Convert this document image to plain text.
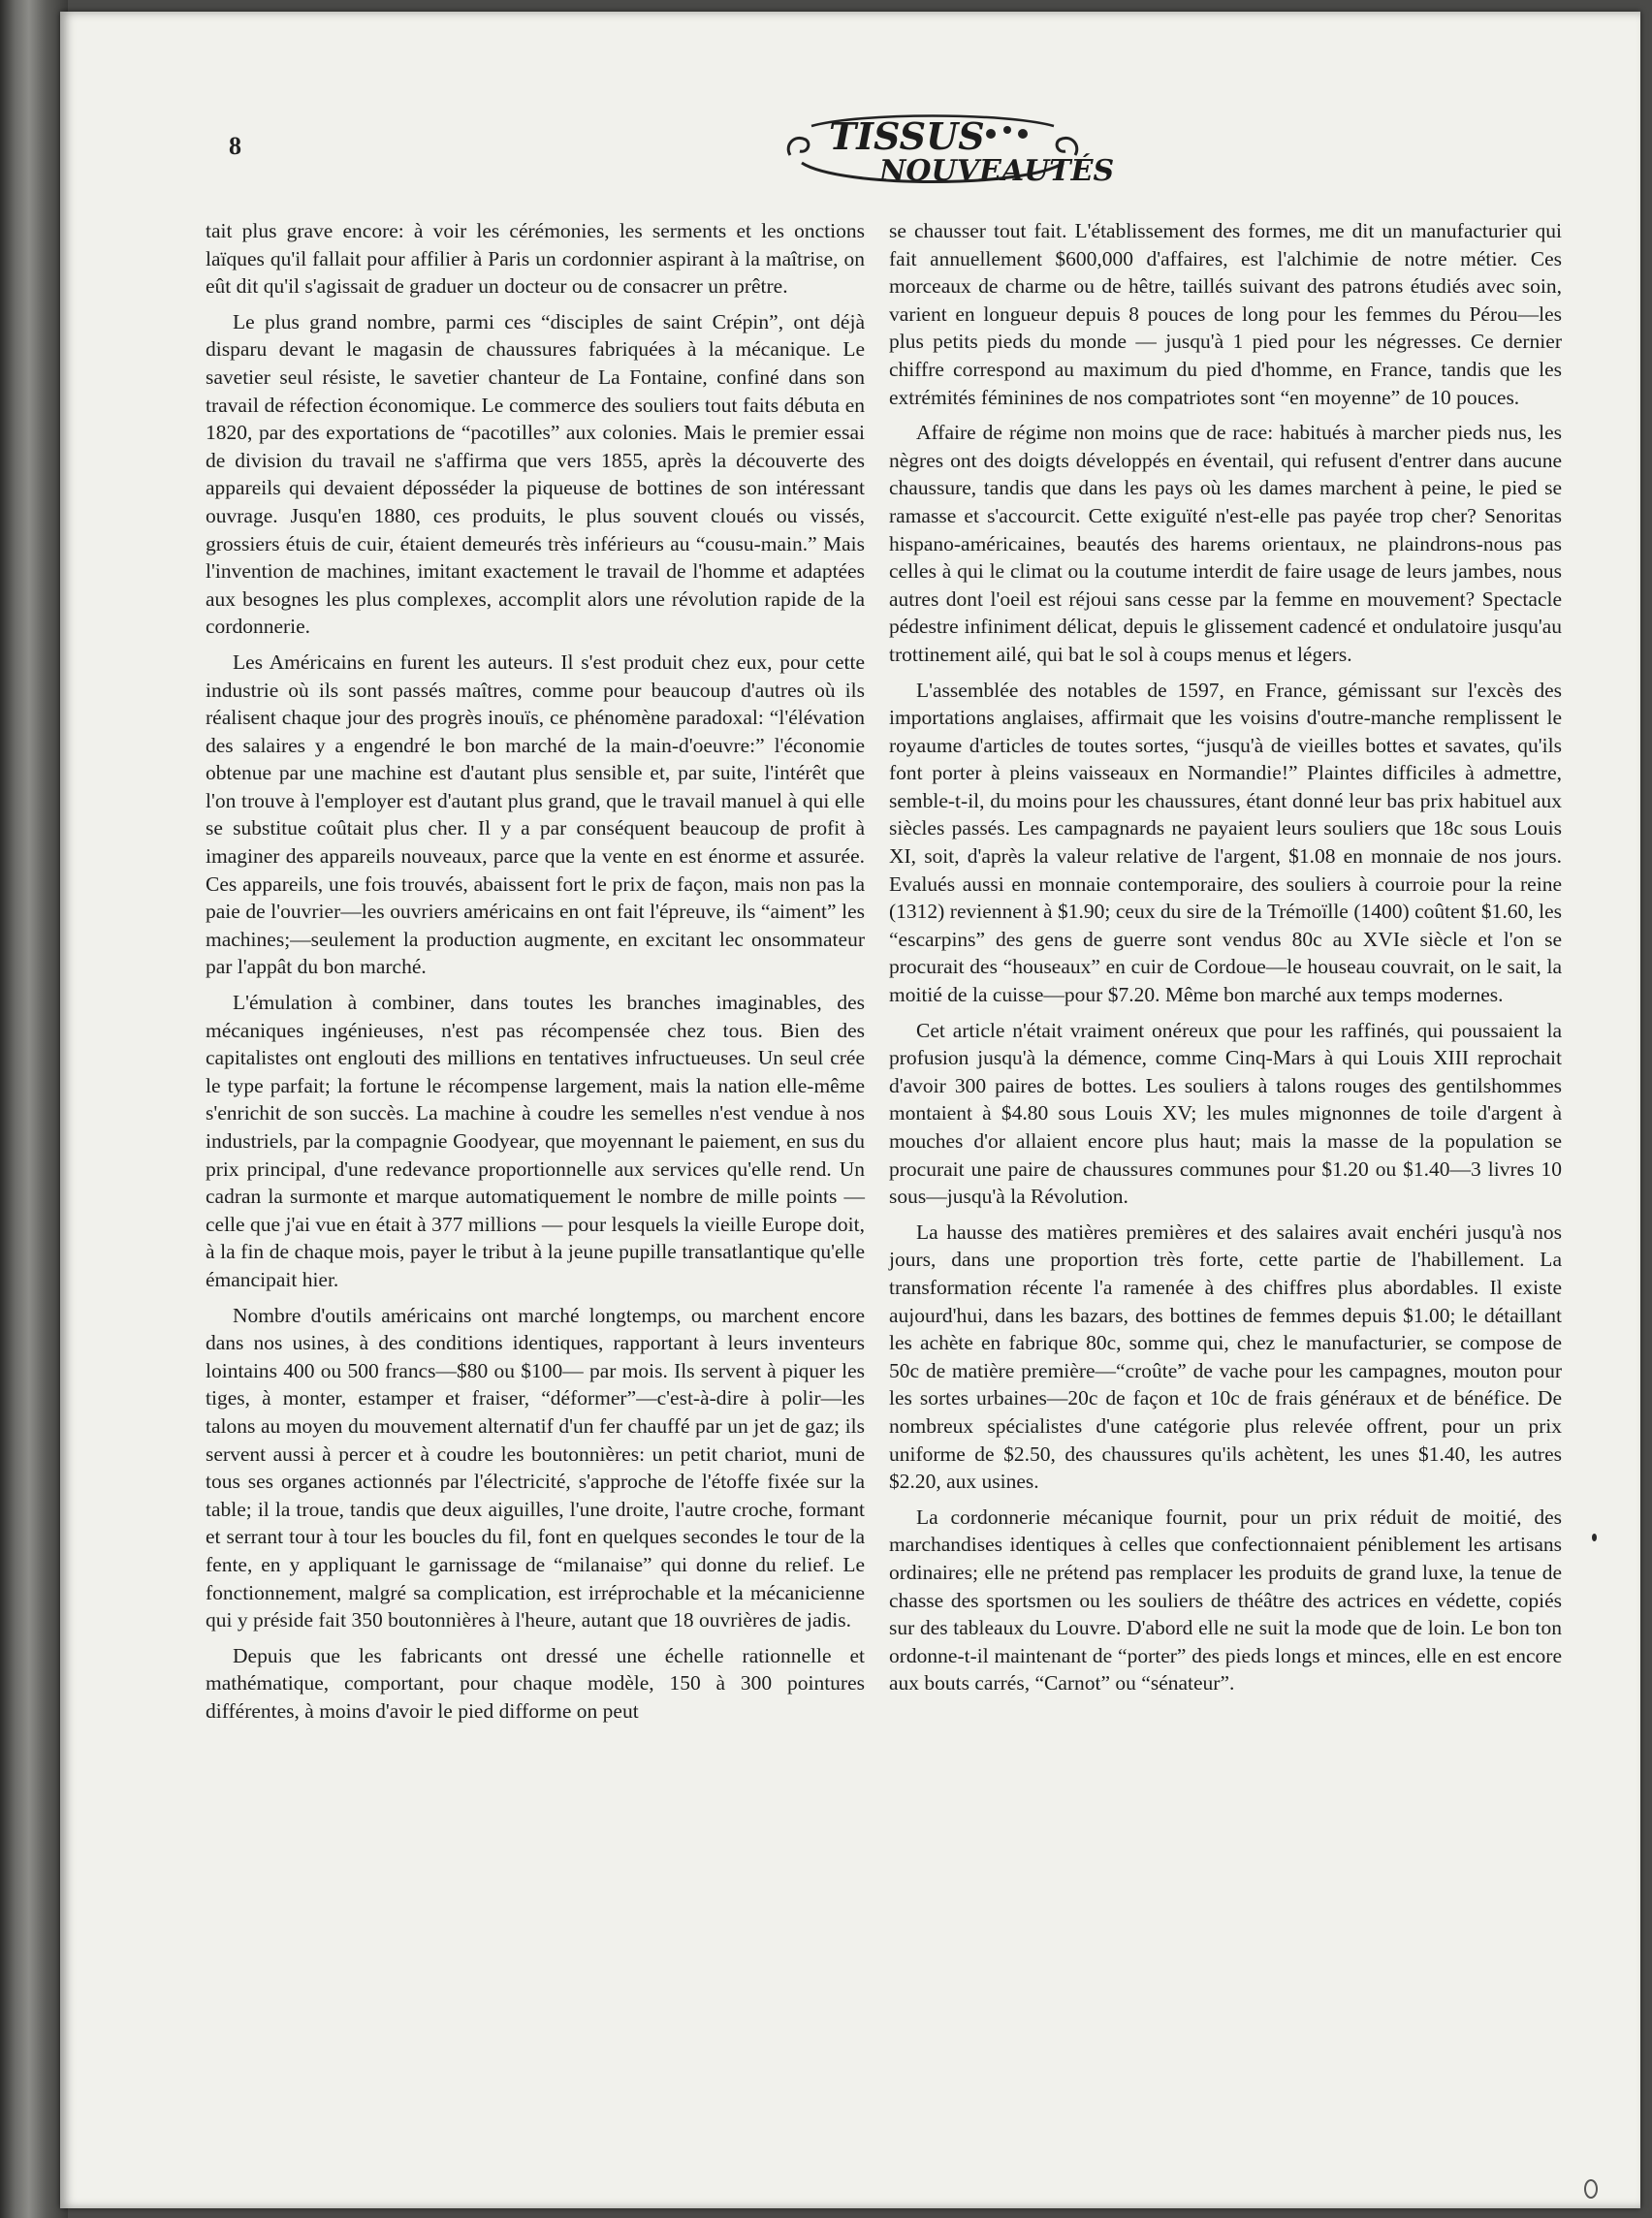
8	TISSUS
NOUVEAUTÉS

tait plus grave encore: à voir les cérémonies, les serments et les onctions laïques qu'il fallait pour affilier à Paris un cordonnier aspirant à la maîtrise, on eût dit qu'il s'agissait de graduer un docteur ou de consacrer un prêtre.

Le plus grand nombre, parmi ces “disciples de saint Crépin”, ont déjà disparu devant le magasin de chaussures fabriquées à la mécanique. Le savetier seul résiste, le savetier chanteur de La Fontaine, confiné dans son travail de réfection économique. Le commerce des souliers tout faits débuta en 1820, par des exportations de “pacotilles” aux colonies. Mais le premier essai de division du travail ne s'affirma que vers 1855, après la découverte des appareils qui devaient déposséder la piqueuse de bottines de son intéressant ouvrage. Jusqu'en 1880, ces produits, le plus souvent cloués ou vissés, grossiers étuis de cuir, étaient demeurés très inférieurs au “cousu-main.” Mais l'invention de machines, imitant exactement le travail de l'homme et adaptées aux besognes les plus complexes, accomplit alors une révolution rapide de la cordonnerie.

Les Américains en furent les auteurs. Il s'est produit chez eux, pour cette industrie où ils sont passés maîtres, comme pour beaucoup d'autres où ils réalisent chaque jour des progrès inouïs, ce phénomène paradoxal: “l'élévation des salaires y a engendré le bon marché de la main-d'oeuvre:” l'économie obtenue par une machine est d'autant plus sensible et, par suite, l'intérêt que l'on trouve à l'employer est d'autant plus grand, que le travail manuel à qui elle se substitue coûtait plus cher. Il y a par conséquent beaucoup de profit à imaginer des appareils nouveaux, parce que la vente en est énorme et assurée. Ces appareils, une fois trouvés, abaissent fort le prix de façon, mais non pas la paie de l'ouvrier—les ouvriers américains en ont fait l'épreuve, ils “aiment” les machines;—seulement la production augmente, en excitant lec onsommateur par l'appât du bon marché.

L'émulation à combiner, dans toutes les branches imaginables, des mécaniques ingénieuses, n'est pas récompensée chez tous. Bien des capitalistes ont englouti des millions en tentatives infructueuses. Un seul crée le type parfait; la fortune le récompense largement, mais la nation elle-même s'enrichit de son succès. La machine à coudre les semelles n'est vendue à nos industriels, par la compagnie Goodyear, que moyennant le paiement, en sus du prix principal, d'une redevance proportionnelle aux services qu'elle rend. Un cadran la surmonte et marque automatiquement le nombre de mille points — celle que j'ai vue en était à 377 millions — pour lesquels la vieille Europe doit, à la fin de chaque mois, payer le tribut à la jeune pupille transatlantique qu'elle émancipait hier.

Nombre d'outils américains ont marché longtemps, ou marchent encore dans nos usines, à des conditions identiques, rapportant à leurs inventeurs lointains 400 ou 500 francs—$80 ou $100— par mois. Ils servent à piquer les tiges, à monter, estamper et fraiser, “déformer”—c'est-à-dire à polir—les talons au moyen du mouvement alternatif d'un fer chauffé par un jet de gaz; ils servent aussi à percer et à coudre les boutonnières: un petit chariot, muni de tous ses organes actionnés par l'électricité, s'approche de l'étoffe fixée sur la table; il la troue, tandis que deux aiguilles, l'une droite, l'autre croche, formant et serrant tour à tour les boucles du fil, font en quelques secondes le tour de la fente, en y appliquant le garnissage de “milanaise” qui donne du relief. Le fonctionnement, malgré sa complication, est irréprochable et la mécanicienne qui y préside fait 350 boutonnières à l'heure, autant que 18 ouvrières de jadis.

Depuis que les fabricants ont dressé une échelle rationnelle et mathématique, comportant, pour chaque modèle, 150 à 300 pointures différentes, à moins d'avoir le pied difforme on peut

se chausser tout fait. L'établissement des formes, me dit un manufacturier qui fait annuellement $600,000 d'affaires, est l'alchimie de notre métier. Ces morceaux de charme ou de hêtre, taillés suivant des patrons étudiés avec soin, varient en longueur depuis 8 pouces de long pour les femmes du Pérou—les plus petits pieds du monde — jusqu'à 1 pied pour les négresses. Ce dernier chiffre correspond au maximum du pied d'homme, en France, tandis que les extrémités féminines de nos compatriotes sont “en moyenne” de 10 pouces.

Affaire de régime non moins que de race: habitués à marcher pieds nus, les nègres ont des doigts développés en éventail, qui refusent d'entrer dans aucune chaussure, tandis que dans les pays où les dames marchent à peine, le pied se ramasse et s'accourcit. Cette exiguïté n'est-elle pas payée trop cher? Senoritas hispano-américaines, beautés des harems orientaux, ne plaindrons-nous pas celles à qui le climat ou la coutume interdit de faire usage de leurs jambes, nous autres dont l'oeil est réjoui sans cesse par la femme en mouvement? Spectacle pédestre infiniment délicat, depuis le glissement cadencé et ondulatoire jusqu'au trottinement ailé, qui bat le sol à coups menus et légers.

L'assemblée des notables de 1597, en France, gémissant sur l'excès des importations anglaises, affirmait que les voisins d'outre-manche remplissent le royaume d'articles de toutes sortes, “jusqu'à de vieilles bottes et savates, qu'ils font porter à pleins vaisseaux en Normandie!” Plaintes difficiles à admettre, semble-t-il, du moins pour les chaussures, étant donné leur bas prix habituel aux siècles passés. Les campagnards ne payaient leurs souliers que 18c sous Louis XI, soit, d'après la valeur relative de l'argent, $1.08 en monnaie de nos jours. Evalués aussi en monnaie contemporaire, des souliers à courroie pour la reine (1312) reviennent à $1.90; ceux du sire de la Trémoïlle (1400) coûtent $1.60, les “escarpins” des gens de guerre sont vendus 80c au XVIe siècle et l'on se procurait des “houseaux” en cuir de Cordoue—le houseau couvrait, on le sait, la moitié de la cuisse—pour $7.20. Même bon marché aux temps modernes.

Cet article n'était vraiment onéreux que pour les raffinés, qui poussaient la profusion jusqu'à la démence, comme Cinq-Mars à qui Louis XIII reprochait d'avoir 300 paires de bottes. Les souliers à talons rouges des gentilshommes montaient à $4.80 sous Louis XV; les mules mignonnes de toile d'argent à mouches d'or allaient encore plus haut; mais la masse de la population se procurait une paire de chaussures communes pour $1.20 ou $1.40—3 livres 10 sous—jusqu'à la Révolution.

La hausse des matières premières et des salaires avait enchéri jusqu'à nos jours, dans une proportion très forte, cette partie de l'habillement. La transformation récente l'a ramenée à des chiffres plus abordables. Il existe aujourd'hui, dans les bazars, des bottines de femmes depuis $1.00; le détaillant les achète en fabrique 80c, somme qui, chez le manufacturier, se compose de 50c de matière première—“croûte” de vache pour les campagnes, mouton pour les sortes urbaines—20c de façon et 10c de frais généraux et de bénéfice. De nombreux spécialistes d'une catégorie plus relevée offrent, pour un prix uniforme de $2.50, des chaussures qu'ils achètent, les unes $1.40, les autres $2.20, aux usines.

La cordonnerie mécanique fournit, pour un prix réduit de moitié, des marchandises identiques à celles que confectionnaient péniblement les artisans ordinaires; elle ne prétend pas remplacer les produits de grand luxe, la tenue de chasse des sportsmen ou les souliers de théâtre des actrices en védette, copiés sur des tableaux du Louvre. D'abord elle ne suit la mode que de loin. Le bon ton ordonne-t-il maintenant de “porter” des pieds longs et minces, elle en est encore aux bouts carrés, “Carnot” ou “sénateur”.
